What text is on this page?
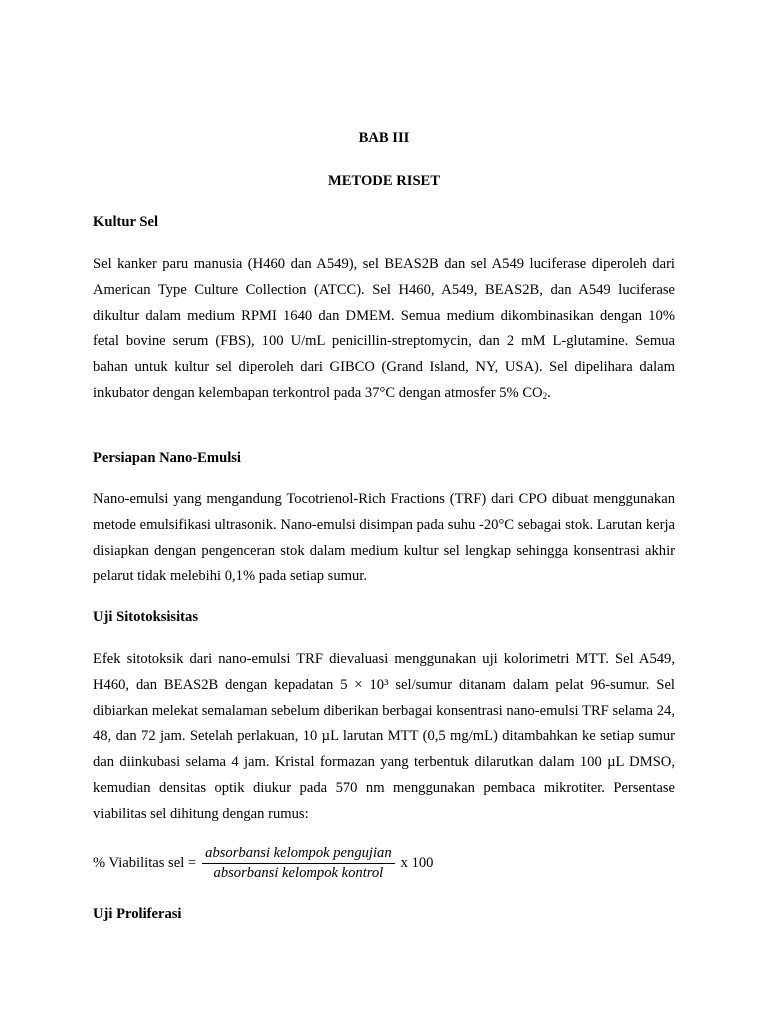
BAB III
METODE RISET
Kultur Sel

Sel kanker paru manusia (H460 dan A549), sel BEAS2B dan sel A549 luciferase diperoleh dari American Type Culture Collection (ATCC). Sel H460, A549, BEAS2B, dan A549 luciferase dikultur dalam medium RPMI 1640 dan DMEM. Semua medium dikombinasikan dengan 10% fetal bovine serum (FBS), 100 U/mL penicillin-streptomycin, dan 2 mM L-glutamine. Semua bahan untuk kultur sel diperoleh dari GIBCO (Grand Island, NY, USA). Sel dipelihara dalam inkubator dengan kelembapan terkontrol pada 37°C dengan atmosfer 5% $CO_2$.

Persiapan Nano-Emulsi

Nano-emulsi yang mengandung Tocotrienol-Rich Fractions (TRF) dari CPO dibuat menggunakan metode emulsifikasi ultrasonik. Nano-emulsi disimpan pada suhu -20°C sebagai stok. Larutan kerja disiapkan dengan pengenceran stok dalam medium kultur sel lengkap sehingga konsentrasi akhir pelarut tidak melebihi 0,1% pada setiap sumur.

Uji Sitotoksisitas

Efek sitotoksik dari nano-emulsi TRF dievaluasi menggunakan uji kolorimetri MTT. Sel A549, H460, dan BEAS2B dengan kepadatan 5 × 10³ sel/sumur ditanam dalam pelat 96-sumur. Sel dibiarkan melekat semalaman sebelum diberikan berbagai konsentrasi nano-emulsi TRF selama 24, 48, dan 72 jam. Setelah perlakuan, 10 µL larutan MTT (0,5 mg/mL) ditambahkan ke setiap sumur dan diinkubasi selama 4 jam. Kristal formazan yang terbentuk dilarutkan dalam 100 µL DMSO, kemudian densitas optik diukur pada 570 nm menggunakan pembaca mikrotiter. Persentase viabilitas sel dihitung dengan rumus:

% Viabilitas sel = $\frac{\text{absorbansi kelompok pengujian}}{\text{absorbansi kelompok kontrol}}$ x 100
Uji Proliferasi
